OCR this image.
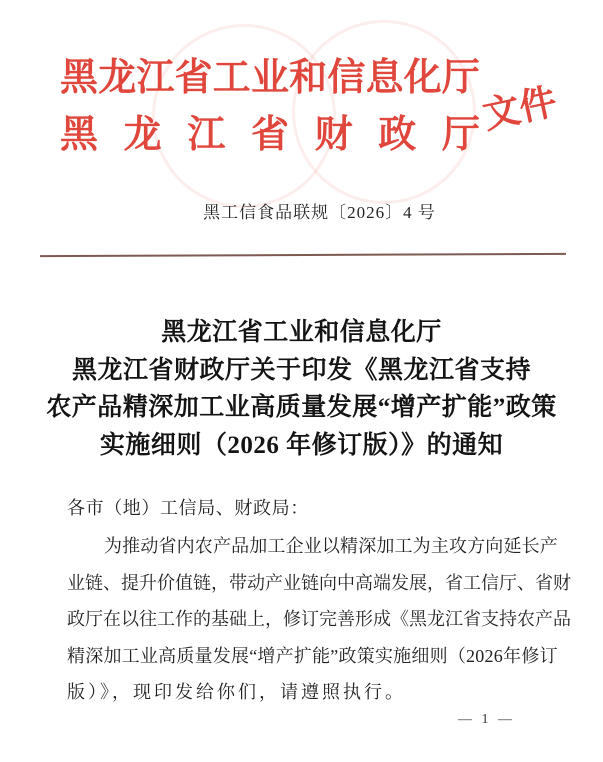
黑 龙 江 省 工 业 和 信 息 化 厅
黑 龙 江 省 财 政 厅 文件
黑工信食品联规〔2026〕4 号
黑龙江省工业和信息化厅
黑龙江省财政厅关于印发《黑龙江省支持
农产品精深加工业高质量发展“增产扩能”政策
实施细则（2026 年修订版）》的通知
各市（地）工信局、财政局：
为 推 动 省 内 农 产 品 加 工 企 业 以 精 深 加 工 为 主 攻 方 向 延 长 产
业 链 、 提 升 价 值 链 ， 带 动 产 业 链 向 中 高 端 发 展 ， 省 工 信 厅 、 省 财
政 厅 在 以 往 工 作 的 基 础 上 ， 修 订 完 善 形 成 《 黑 龙 江 省 支 持 农 产 品
精 深 加 工 业 高 质 量 发 展 “ 增 产 扩 能 ” 政 策 实 施 细 则 （ 2 0 2 6 年 修 订
版）》，现印发给你们，请遵照执行。
— 1 —
